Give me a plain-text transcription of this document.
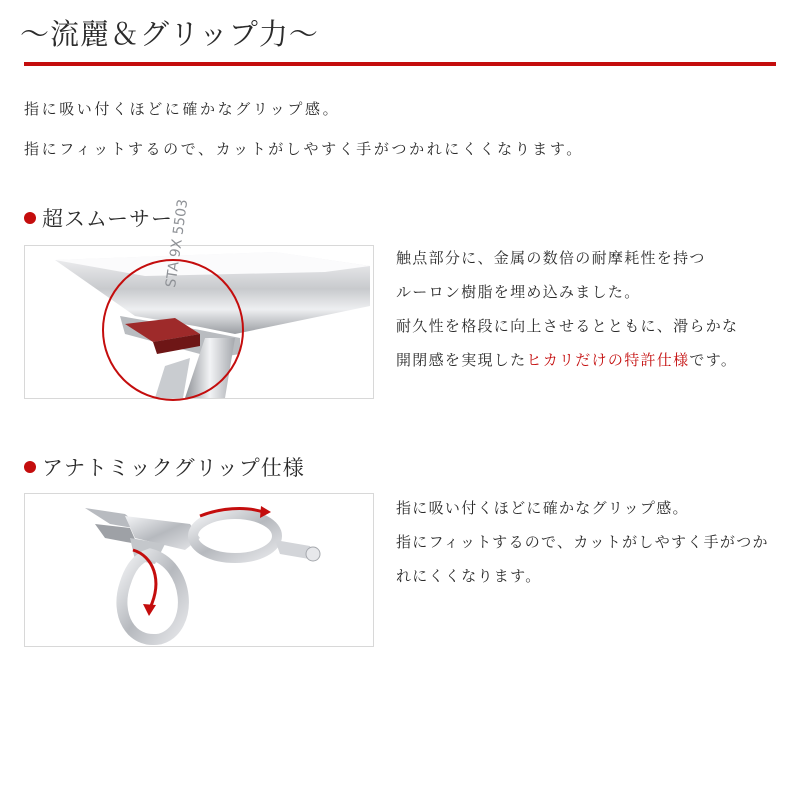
～流麗＆グリップ力～
指に吸い付くほどに確かなグリップ感。
指にフィットするので、カットがしやすく手がつかれにくくなります。
超スムーサー
STA 9X 5503	触点部分に、金属の数倍の耐摩耗性を持つ
ルーロン樹脂を埋め込みました。
耐久性を格段に向上させるとともに、滑らかな
開閉感を実現したヒカリだけの特許仕様です。
アナトミックグリップ仕様
指に吸い付くほどに確かなグリップ感。
指にフィットするので、カットがしやすく手がつか
れにくくなります。
